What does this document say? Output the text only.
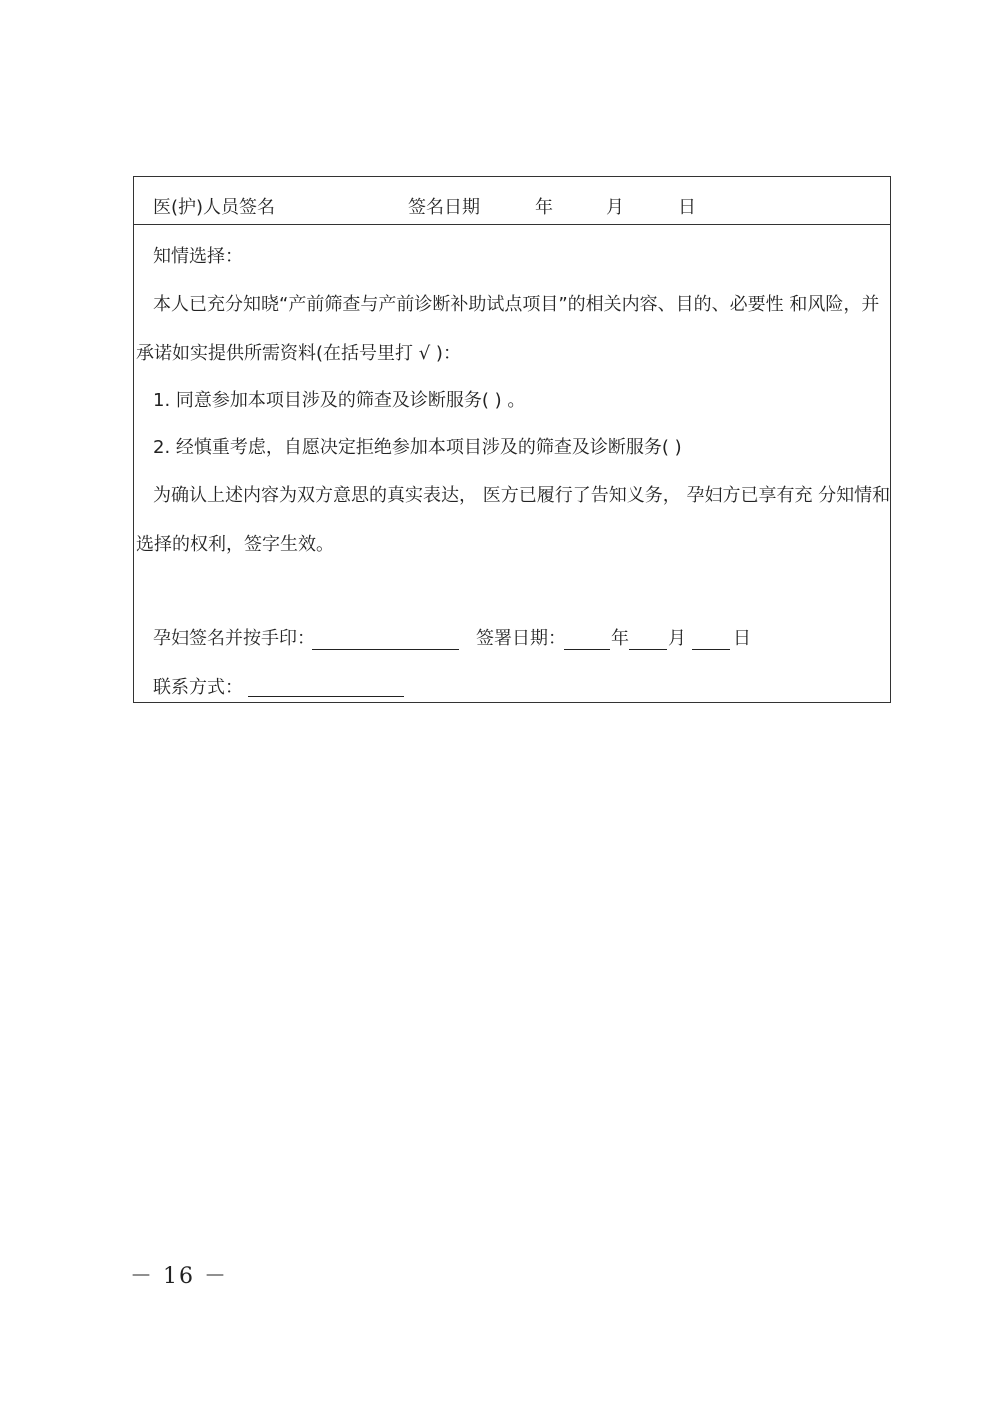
医(护)人员签名	签名日期	年	月	日
知情选择：
本人已充分知晓“产前筛查与产前诊断补助试点项目”的相关内容、目的、必要性 和风险，并
承诺如实提供所需资料(在括号里打 √ )：
1. 同意参加本项目涉及的筛查及诊断服务( ) 。
2. 经慎重考虑，自愿决定拒绝参加本项目涉及的筛查及诊断服务( )
为确认上述内容为双方意思的真实表达， 医方已履行了告知义务， 孕妇方已享有充 分知情和
选择的权利，签字生效。
孕妇签名并按手印：	签署日期：	年 月	日
联系方式：
－ 16 －
